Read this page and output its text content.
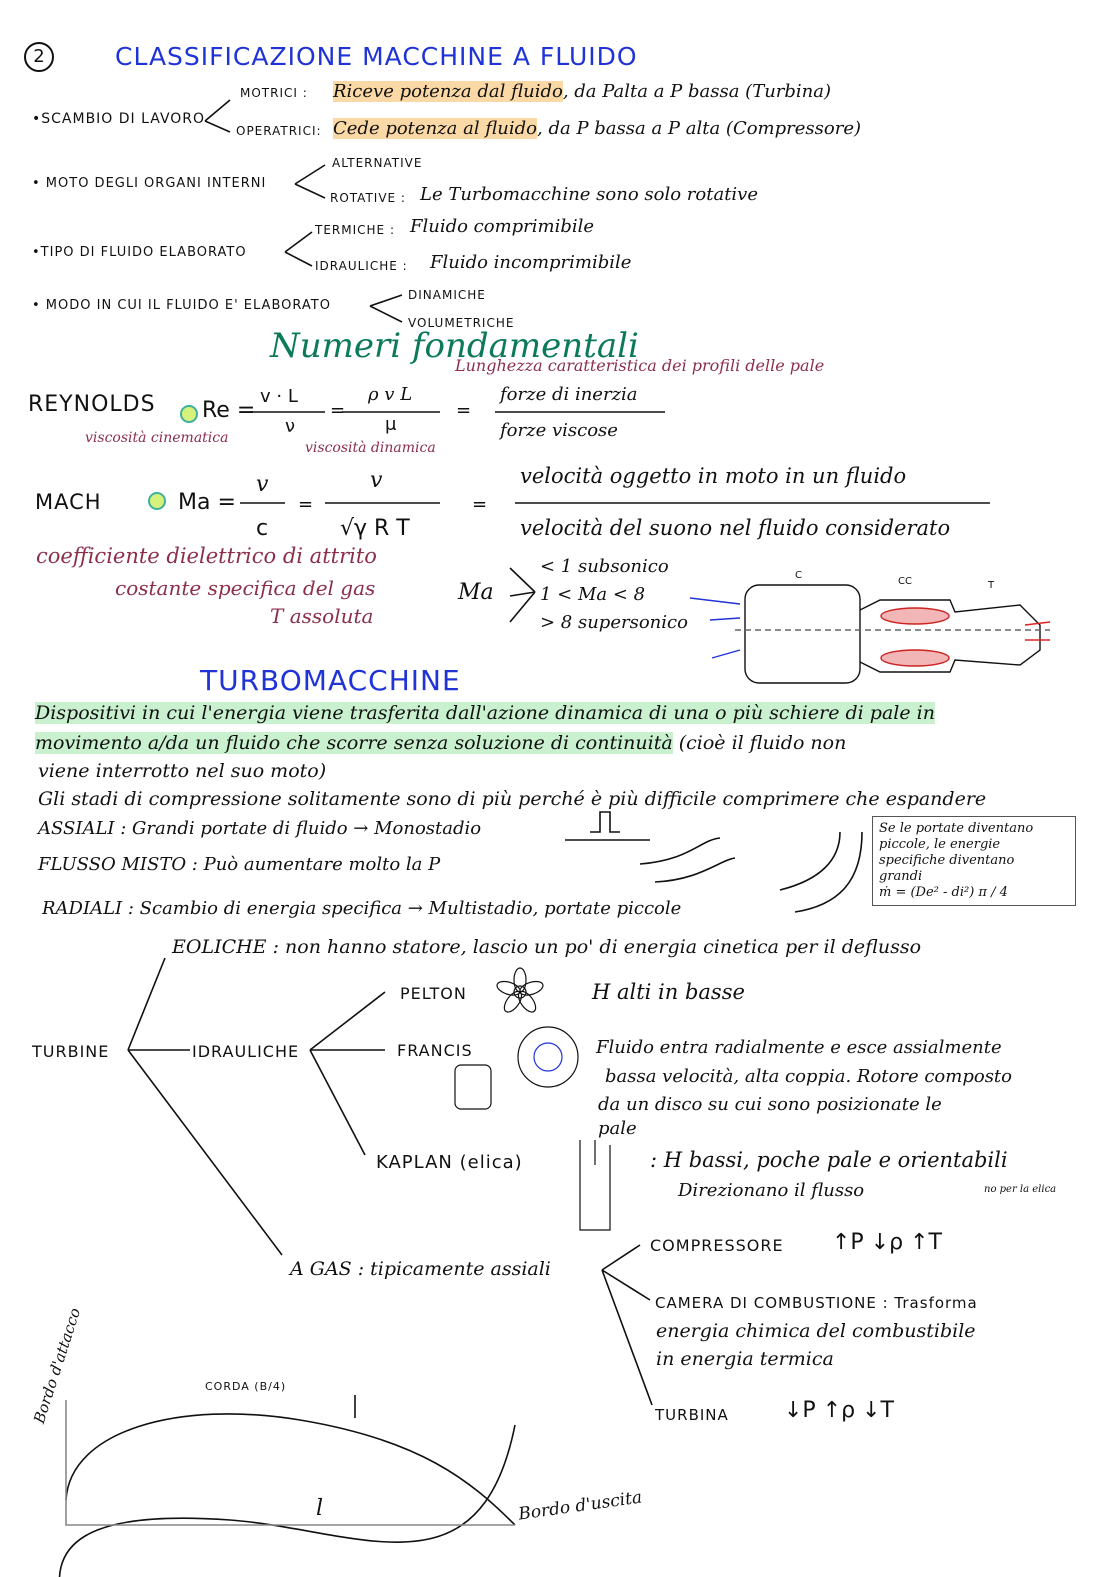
2	CLASSIFICAZIONE MACCHINE A FLUIDO
•SCAMBIO DI LAVORO
MOTRICI : Riceve potenza dal fluido, da Palta a P bassa (Turbina)
OPERATRICI: Cede potenza al fluido, da P bassa a P alta (Compressore)
• MOTO DEGLI ORGANI INTERNI
ALTERNATIVE
ROTATIVE : Le Turbomacchine sono solo rotative
•TIPO DI FLUIDO ELABORATO
TERMICHE : Fluido comprimibile
IDRAULICHE : Fluido incomprimibile
• MODO IN CUI IL FLUIDO E' ELABORATO
DINAMICHE
VOLUMETRICHE
Numeri fondamentali
Lunghezza caratteristica dei profili delle pale
REYNOLDS Re =
v · L
ν
=
ρ v L
μ
=
forze di inerzia
forze viscose
viscosità cinematica
viscosità dinamica
MACH	Ma =
v
c
=
v
√γ R T
=
velocità oggetto in moto in un fluido
velocità del suono nel fluido considerato
coefficiente dielettrico di attrito
costante specifica del gas
T assoluta
Ma
< 1 subsonico
1 < Ma < 8
> 8 supersonico
C
CC	T
TURBOMACCHINE
Dispositivi in cui l'energia viene trasferita dall'azione dinamica di una o più schiere di pale in
movimento a/da un fluido che scorre senza soluzione di continuità (cioè il fluido non
viene interrotto nel suo moto)
Gli stadi di compressione solitamente sono di più perché è più difficile comprimere che espandere
ASSIALI : Grandi portate di fluido → Monostadio
FLUSSO MISTO : Può aumentare molto la P
RADIALI : Scambio di energia specifica → Multistadio, portate piccole
Se le portate diventano
piccole, le energie
specifiche diventano
grandi
ṁ = (De² - di²) π / 4
TURBINE
EOLICHE : non hanno statore, lascio un po' di energia cinetica per il deflusso
IDRAULICHE
PELTON	H alti in basse
FRANCIS	Fluido entra radialmente e esce assialmente
bassa velocità, alta coppia. Rotore composto
da un disco su cui sono posizionate le
pale
KAPLAN (elica)	: H bassi, poche pale e orientabili
Direzionano il flusso	no per la elica
A GAS : tipicamente assiali
COMPRESSORE ↑P ↓ρ ↑T
CAMERA DI COMBUSTIONE : Trasforma
energia chimica del combustibile
in energia termica
TURBINA	↓P ↑ρ ↓T
Bordo d'attacco	CORDA (B/4)
l	Bordo d'uscita
